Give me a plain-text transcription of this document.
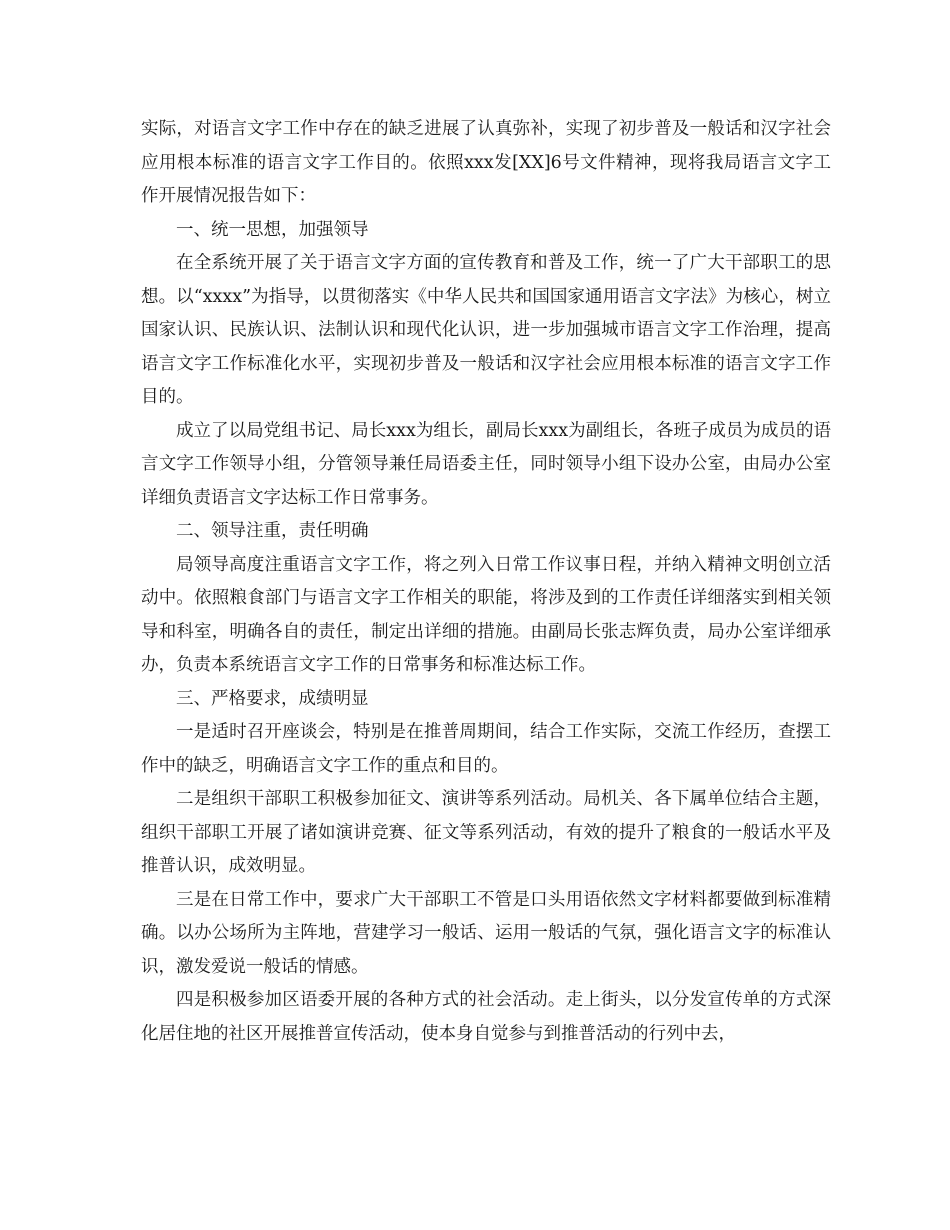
实际，对语言文字工作中存在的缺乏进展了认真弥补，实现了初步普及一般话和汉字社会应用根本标准的语言文字工作目的。依照xxx发[XX]6号文件精神，现将我局语言文字工作开展情况报告如下：

一、统一思想，加强领导

在全系统开展了关于语言文字方面的宣传教育和普及工作，统一了广大干部职工的思想。以“xxxx”为指导，以贯彻落实《中华人民共和国国家通用语言文字法》为核心，树立国家认识、民族认识、法制认识和现代化认识，进一步加强城市语言文字工作治理，提高语言文字工作标准化水平，实现初步普及一般话和汉字社会应用根本标准的语言文字工作目的。

成立了以局党组书记、局长xxx为组长，副局长xxx为副组长，各班子成员为成员的语言文字工作领导小组，分管领导兼任局语委主任，同时领导小组下设办公室，由局办公室详细负责语言文字达标工作日常事务。

二、领导注重，责任明确

局领导高度注重语言文字工作，将之列入日常工作议事日程，并纳入精神文明创立活动中。依照粮食部门与语言文字工作相关的职能，将涉及到的工作责任详细落实到相关领导和科室，明确各自的责任，制定出详细的措施。由副局长张志辉负责，局办公室详细承办，负责本系统语言文字工作的日常事务和标准达标工作。

三、严格要求，成绩明显

一是适时召开座谈会，特别是在推普周期间，结合工作实际，交流工作经历，查摆工作中的缺乏，明确语言文字工作的重点和目的。

二是组织干部职工积极参加征文、演讲等系列活动。局机关、各下属单位结合主题，组织干部职工开展了诸如演讲竞赛、征文等系列活动，有效的提升了粮食的一般话水平及推普认识，成效明显。

三是在日常工作中，要求广大干部职工不管是口头用语依然文字材料都要做到标准精确。以办公场所为主阵地，营建学习一般话、运用一般话的气氛，强化语言文字的标准认识，激发爱说一般话的情感。

四是积极参加区语委开展的各种方式的社会活动。走上街头，以分发宣传单的方式深化居住地的社区开展推普宣传活动，使本身自觉参与到推普活动的行列中去，
